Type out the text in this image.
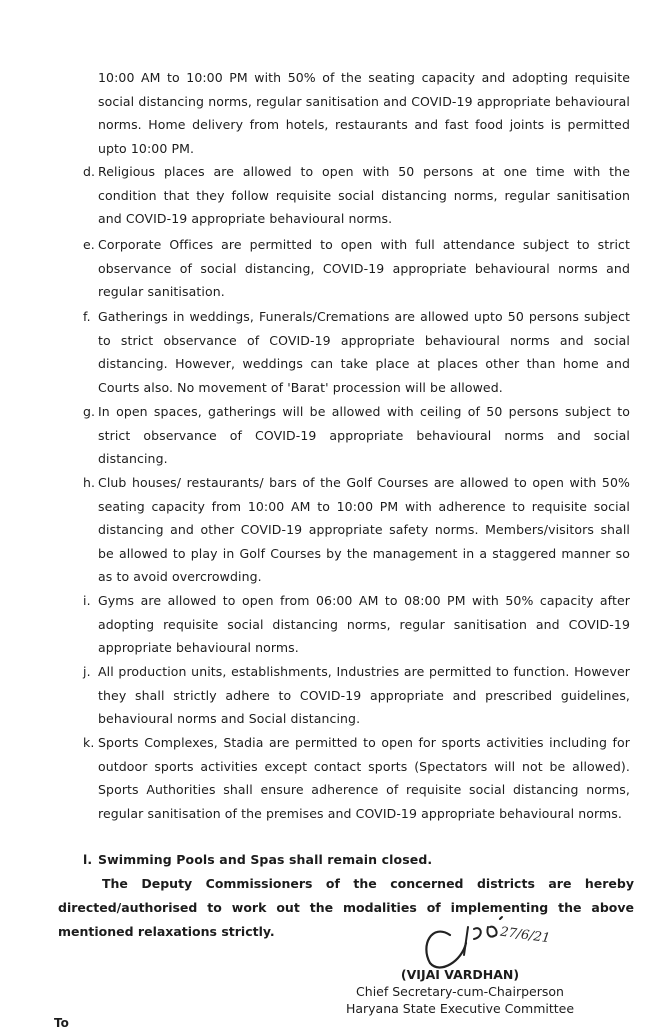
10:00 AM to 10:00 PM with 50% of the seating capacity and adopting requisite social distancing norms, regular sanitisation and COVID-19 appropriate behavioural norms. Home delivery from hotels, restaurants and fast food joints is permitted upto 10:00 PM.
d. Religious places are allowed to open with 50 persons at one time with the condition that they follow requisite social distancing norms, regular sanitisation and COVID-19 appropriate behavioural norms.
e. Corporate Offices are permitted to open with full attendance subject to strict observance of social distancing, COVID-19 appropriate behavioural norms and regular sanitisation.
f. Gatherings in weddings, Funerals/Cremations are allowed upto 50 persons subject to strict observance of COVID-19 appropriate behavioural norms and social distancing. However, weddings can take place at places other than home and Courts also. No movement of 'Barat' procession will be allowed.
g. In open spaces, gatherings will be allowed with ceiling of 50 persons subject to strict observance of COVID-19 appropriate behavioural norms and social distancing.
h. Club houses/ restaurants/ bars of the Golf Courses are allowed to open with 50% seating capacity from 10:00 AM to 10:00 PM with adherence to requisite social distancing and other COVID-19 appropriate safety norms. Members/visitors shall be allowed to play in Golf Courses by the management in a staggered manner so as to avoid overcrowding.
i. Gyms are allowed to open from 06:00 AM to 08:00 PM with 50% capacity after adopting requisite social distancing norms, regular sanitisation and COVID-19 appropriate behavioural norms.
j. All production units, establishments, Industries are permitted to function. However they shall strictly adhere to COVID-19 appropriate and prescribed guidelines, behavioural norms and Social distancing.
k. Sports Complexes, Stadia are permitted to open for sports activities including for outdoor sports activities except contact sports (Spectators will not be allowed). Sports Authorities shall ensure adherence of requisite social distancing norms, regular sanitisation of the premises and COVID-19 appropriate behavioural norms.
l. Swimming Pools and Spas shall remain closed.
The Deputy Commissioners of the concerned districts are hereby
directed/authorised to work out the modalities of implementing the above mentioned relaxations strictly.	27/6/21
(VIJAI VARDHAN)
Chief Secretary-cum-Chairperson
Haryana State Executive Committee
To
